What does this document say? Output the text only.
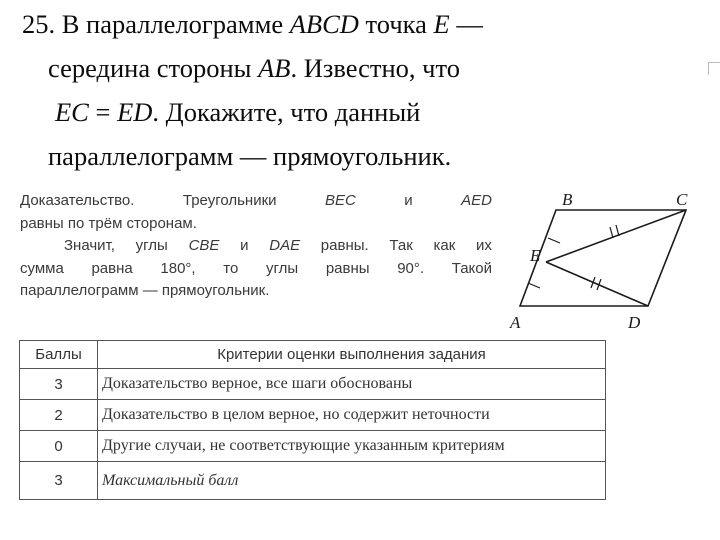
25. В параллелограмме ABCD точка E —
середина стороны AB. Известно, что
EC = ED. Докажите, что данный
параллелограмм — прямоугольник.
Доказательство.	Треугольники	BEC	и	AED
равны по трём сторонам.
Значит, углы CBE и DAE равны. Так как их
сумма равна 180°, то углы равны 90°. Такой
параллелограмм — прямоугольник.
B	C
E
A	D
Баллы	Критерии оценки выполнения задания
3	Доказательство верное, все шаги обоснованы
2	Доказательство в целом верное, но содержит неточности
0	Другие случаи, не соответствующие указанным критериям
3	Максимальный балл
